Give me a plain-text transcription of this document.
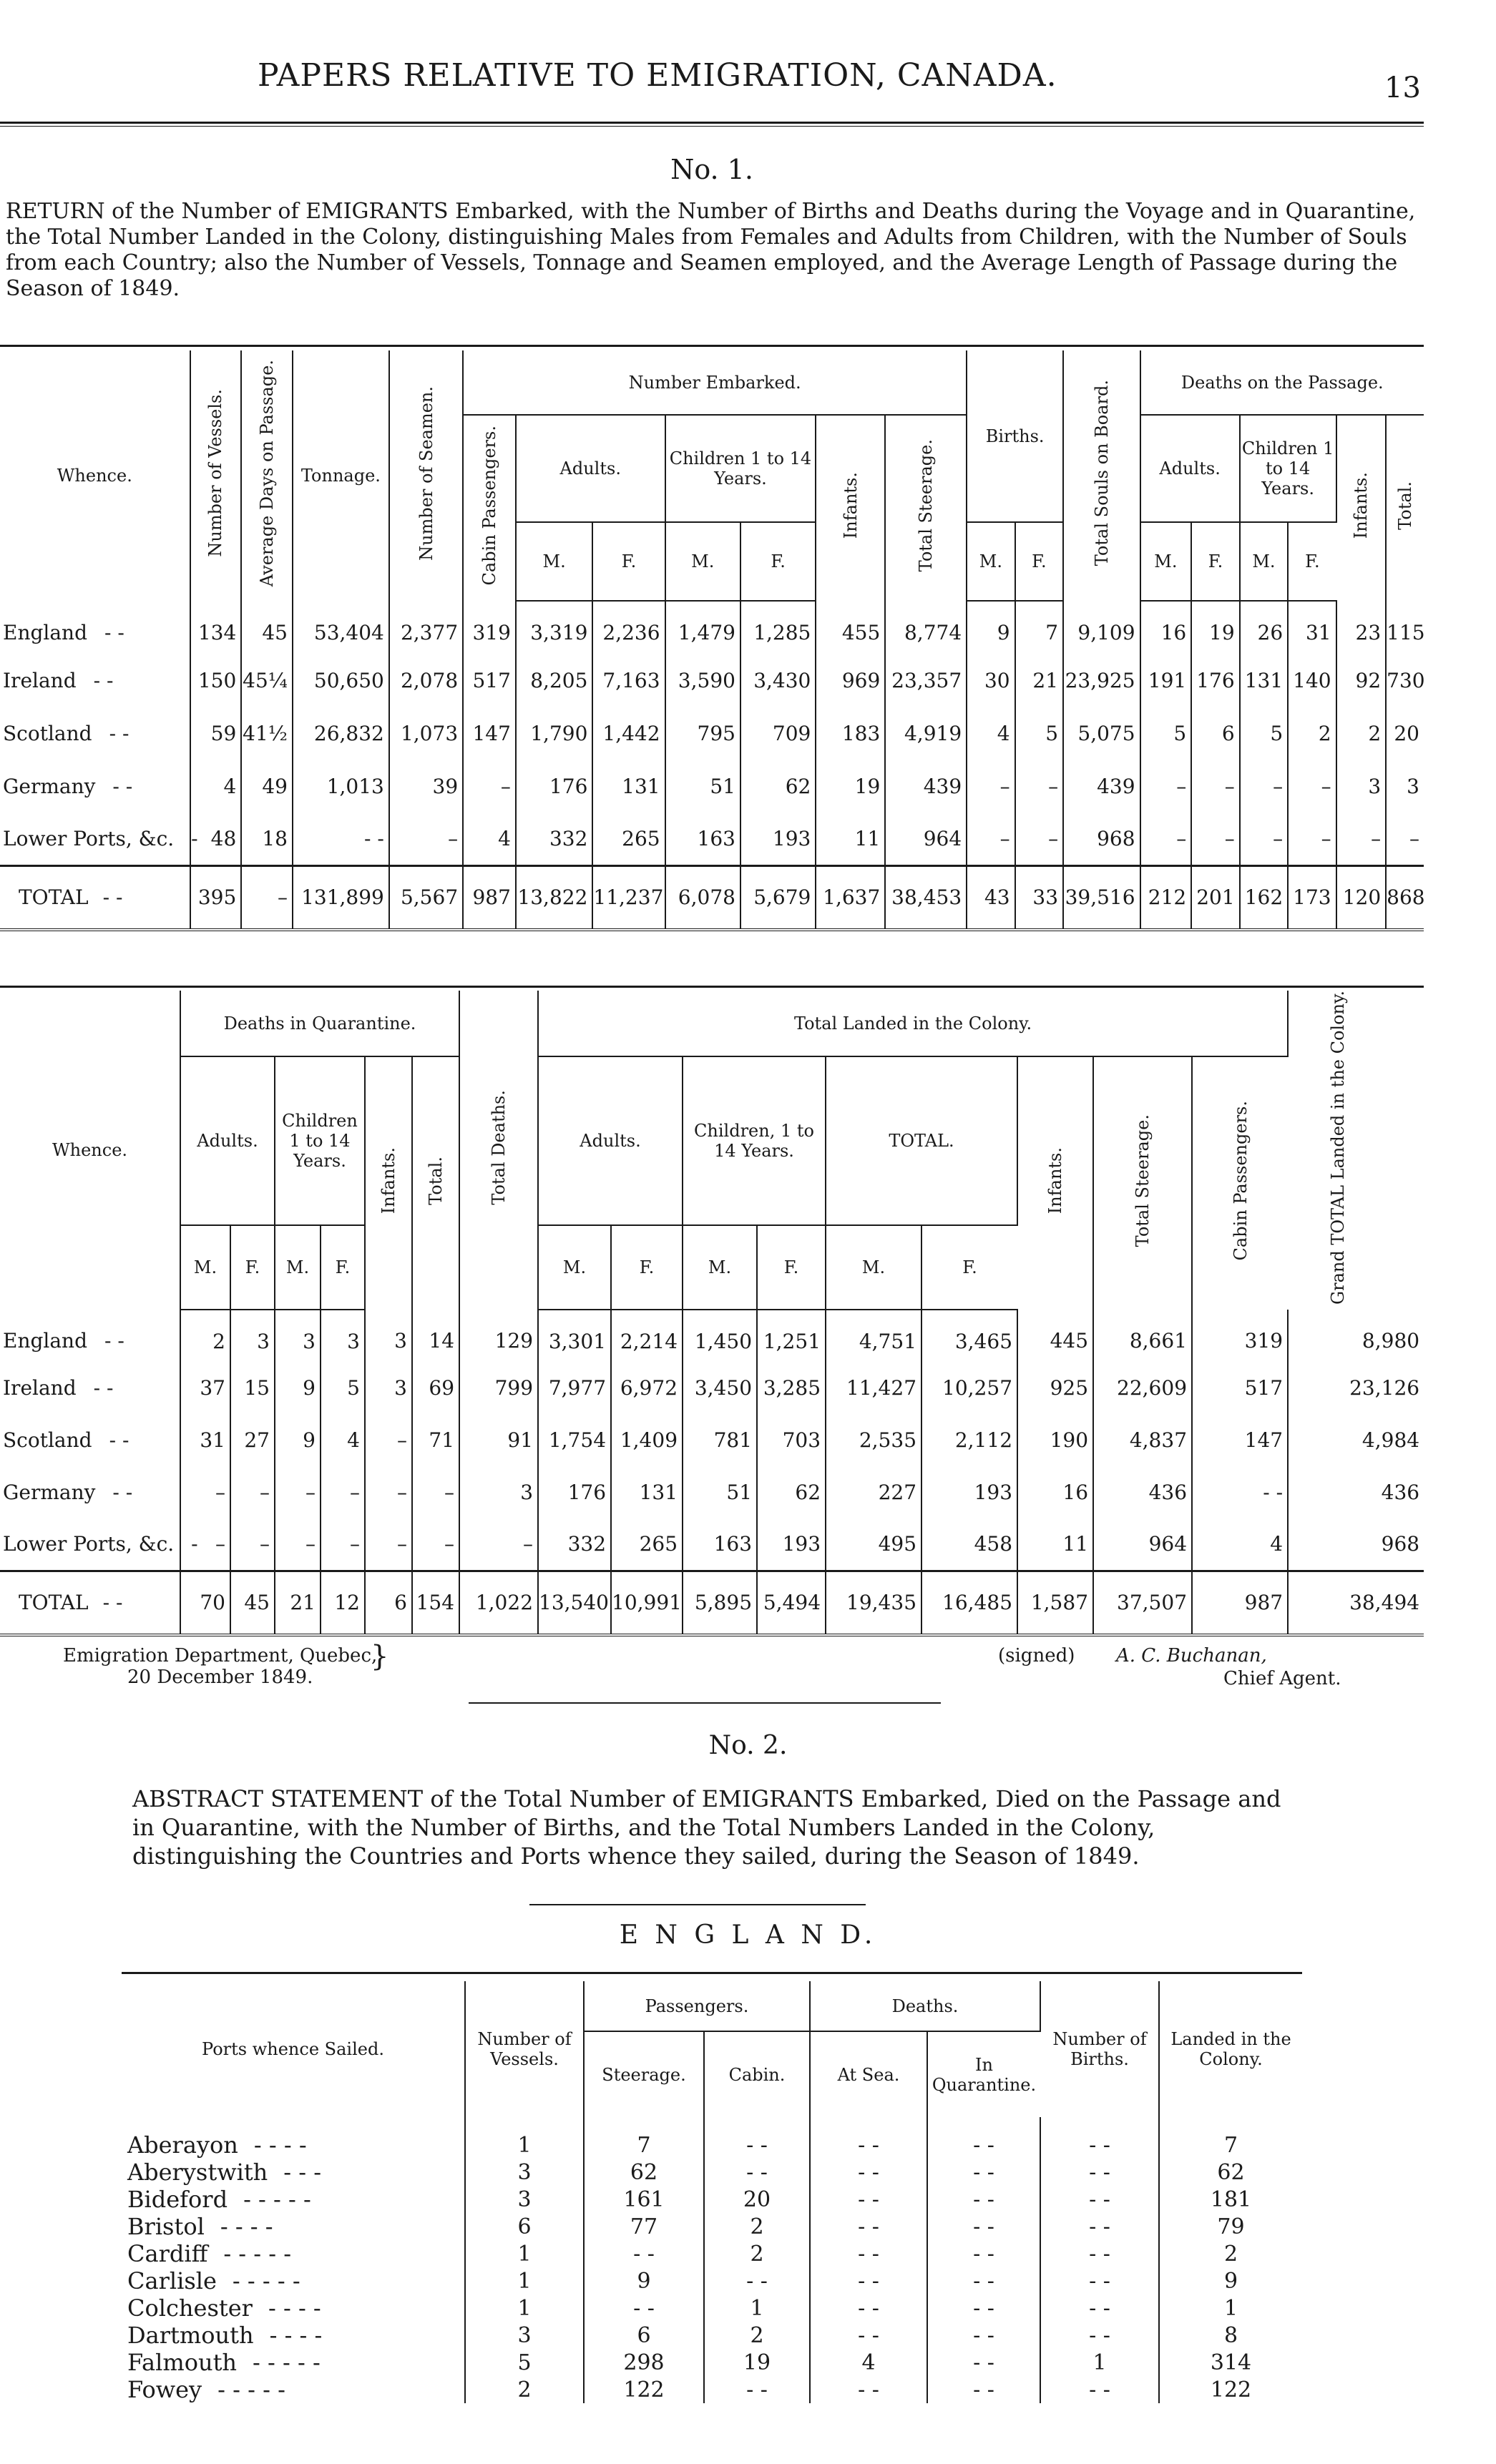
PAPERS RELATIVE TO EMIGRATION, CANADA.	13
No. 1.
RETURN of the Number of EMIGRANTS Embarked, with the Number of Births and Deaths during the Voyage and in Quarantine, the Total Number Landed in the Colony, distinguishing Males from Females and Adults from Children, with the Number of Souls from each Country; also the Number of Vessels, Tonnage and Seamen employed, and the Average Length of Passage during the Season of 1849.
Whence.	Number of Vessels.	Average Days on Passage.	Tonnage.	Number of Seamen.	Number Embarked.							Births.		Total Souls on Board.	Deaths on the Passage.					
					Cabin Passengers.	Adults.		Children 1 to 14 Years.		Infants.	Total Steerage.				Adults.		Children 1 to 14 Years.		Infants.	Total.
						M.	F.	M.	F.			M.	F.		M.	F.	M.	F.		
England - -	134	45	53,404	2,377	319	3,319	2,236	1,479	1,285	455	8,774	9	7	9,109	16	19	26	31	23	115
Ireland - -	150	45¼	50,650	2,078	517	8,205	7,163	3,590	3,430	969	23,357	30	21	23,925	191	176	131	140	92	730
Scotland - -	59	41½	26,832	1,073	147	1,790	1,442	795	709	183	4,919	4	5	5,075	5	6	5	2	2	20
Germany - -	4	49	1,013	39	–	176	131	51	62	19	439	–	–	439	–	–	–	–	3	3
Lower Ports, &c. -	48	18	- -	–	4	332	265	163	193	11	964	–	–	968	–	–	–	–	–	–
TOTAL - -	395	–	131,899	5,567	987	13,822	11,237	6,078	5,679	1,637	38,453	43	33	39,516	212	201	162	173	120	868
Whence.	Deaths in Quarantine.						Total Deaths.	Total Landed in the Colony.									Grand TOTAL Landed in the Colony.
	Adults.		Children 1 to 14 Years.		Infants.	Total.		Adults.		Children, 1 to 14 Years.		TOTAL.		Infants.	Total Steerage.	Cabin Passengers.	
	M.	F.	M.	F.				M.	F.	M.	F.	M.	F.				
England - -	2	3	3	3	3	14	129	3,301	2,214	1,450	1,251	4,751	3,465	445	8,661	319	8,980
Ireland - -	37	15	9	5	3	69	799	7,977	6,972	3,450	3,285	11,427	10,257	925	22,609	517	23,126
Scotland - -	31	27	9	4	–	71	91	1,754	1,409	781	703	2,535	2,112	190	4,837	147	4,984
Germany - -	–	–	–	–	–	–	3	176	131	51	62	227	193	16	436	- -	436
Lower Ports, &c. -	–	–	–	–	–	–	–	332	265	163	193	495	458	11	964	4	968
TOTAL - -	70	45	21	12	6	154	1,022	13,540	10,991	5,895	5,494	19,435	16,485	1,587	37,507	987	38,494
Emigration Department, Quebec,
20 December 1849.
}	(signed) A. C. Buchanan,
Chief Agent.
No. 2.
ABSTRACT STATEMENT of the Total Number of EMIGRANTS Embarked, Died on the Passage and in Quarantine, with the Number of Births, and the Total Numbers Landed in the Colony, distinguishing the Countries and Ports whence they sailed, during the Season of 1849.
E N G L A N D.
Ports whence Sailed.	Number of Vessels.	Passengers.		Deaths.		Number of Births.	Landed in the Colony.
		Steerage.	Cabin.	At Sea.	In Quarantine.		

Aberayon - - - -	1	7	- -	- -	- -	- -	7
Aberystwith - - -	3	62	- -	- -	- -	- -	62
Bideford - - - - -	3	161	20	- -	- -	- -	181
Bristol - - - -	6	77	2	- -	- -	- -	79
Cardiff - - - - -	1	- -	2	- -	- -	- -	2
Carlisle - - - - -	1	9	- -	- -	- -	- -	9
Colchester - - - -	1	- -	1	- -	- -	- -	1
Dartmouth - - - -	3	6	2	- -	- -	- -	8
Falmouth - - - - -	5	298	19	4	- -	1	314
Fowey - - - - -	2	122	- -	- -	- -	- -	122
